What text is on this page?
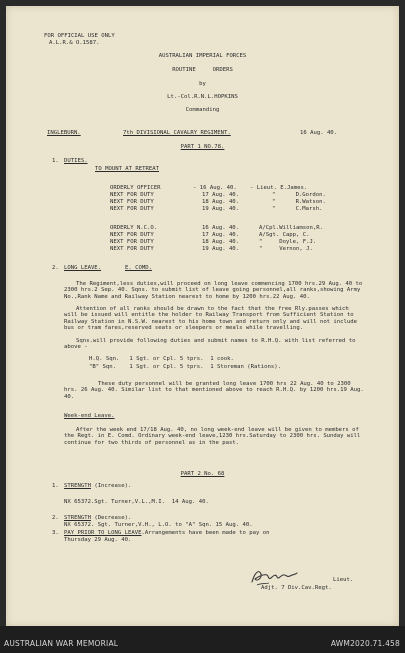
FOR OFFICIAL USE ONLY
A.L.R.& O.1587.
AUSTRALIAN IMPERIAL FORCES
ROUTINE     ORDERS
by
Lt.-Col.R.N.L.HOPKINS
Commanding
INGLEBURN.	7th DIVISIONAL CAVALRY REGIMENT.	16 Aug. 40.
PART 1 NO.78.
1. DUTIES.
TO MOUNT AT RETREAT
ORDERLY OFFICER	- 16 Aug. 40. - Lieut. E.James.
NEXT FOR DUTY	17 Aug. 40.	"      D.Gordon.
NEXT FOR DUTY	18 Aug. 40.	"      R.Watson.
NEXT FOR DUTY	19 Aug. 40.	"      C.Marsh.
ORDERLY N.C.O.	16 Aug. 40.	A/Cpl.Williamson,R.
NEXT FOR DUTY	17 Aug. 40.	A/Sgt. Capp, C.
NEXT FOR DUTY	18 Aug. 40.	"     Doyle, F.J.
NEXT FOR DUTY	19 Aug. 40.	"     Vernon, J.
2. LONG LEAVE.	E. COMD.
The Regiment,less duties,will proceed on long leave commencing 1700 hrs.29 Aug. 40 to 2300 hrs.2 Sep. 40. Sqns. to submit list of leave going personnel,all ranks,showing Army No.,Rank Name and Railway Station nearest to home by 1200 hrs.22 Aug. 40.
Attention of all ranks should be drawn to the fact that the free Rly.passes which will be issued will entitle the holder to Railway Transport from Sufficient Station to Railway Station in N.S.W. nearest to his home town and return only and will not include bus or tram fares,reserved seats or sleepers or meals while travelling.
Sqns.will provide following duties and submit names to R.H.Q. with list referred to above -
H.Q. Sqn.   1 Sgt. or Cpl. 5 tprs.  1 cook.
"B" Sqn.    1 Sgt. or Cpl. 5 tprs.  1 Storeman (Rations).
These duty personnel will be granted long leave 1700 hrs 22 Aug. 40 to 2300 hrs. 26 Aug. 40. Similar list to that mentioned above to reach R.H.Q. by 1200 hrs.19 Aug. 40.
Week-end Leave.
After the week end 17/18 Aug. 40, no long week-end leave will be given to members of the Regt. in E. Comd. Ordinary week-end leave,1230 hrs.Saturday to 2300 hrs. Sunday will continue for two thirds of personnel as in the past.
PART 2 No. 68
1. STRENGTH (Increase).
NX 65372.Sgt. Turner,V.L.,M.I.  14 Aug. 40.
2. STRENGTH (Decrease).
NX 65372. Sgt. Turner,V.H., L.O. to "A" Sqn. 15 Aug. 40.
3. PAY PRIOR TO LONG LEAVE.Arrangements have been made to pay on
Thursday 29 Aug. 40.
Lieut.
Adjt. 7 Div.Cav.Regt.
AUSTRALIAN WAR MEMORIAL	AWM2020.71.458
